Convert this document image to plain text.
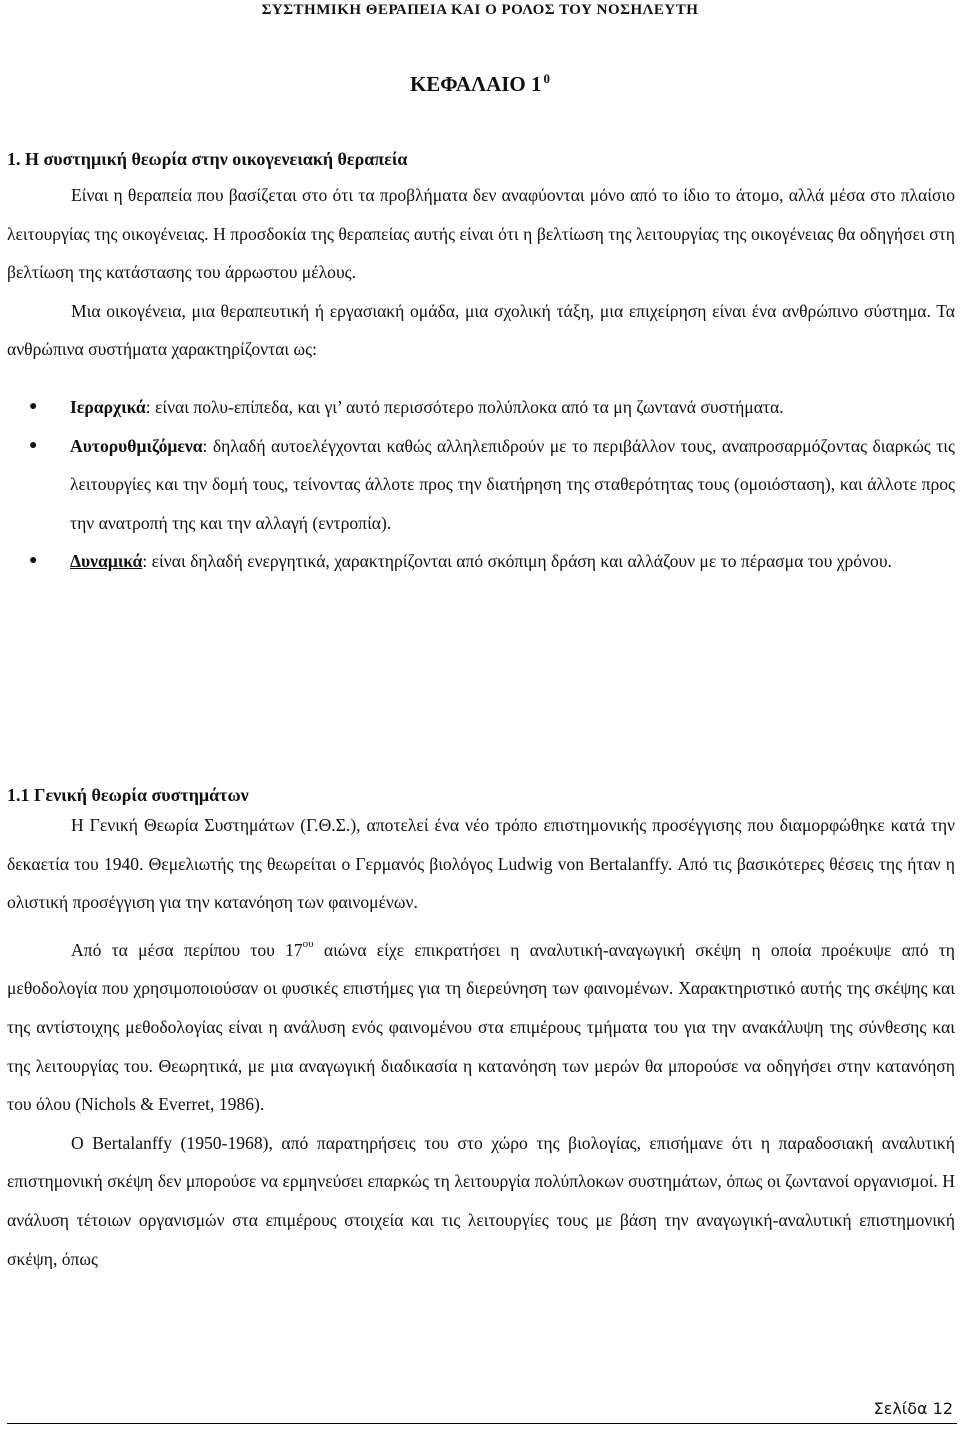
ΣΥΣΤΗΜΙΚΗ ΘΕΡΑΠΕΙΑ ΚΑΙ Ο ΡΟΛΟΣ ΤΟΥ ΝΟΣΗΛΕΥΤΗ
ΚΕΦΑΛΑΙΟ 1 $^0$
1. Η συστημική θεωρία στην οικογενειακή θεραπεία

Είναι η θεραπεία που βασίζεται στο ότι τα προβλήματα δεν αναφύονται μόνο από το ίδιο το άτομο, αλλά μέσα στο πλαίσιο λειτουργίας της οικογένειας. Η προσδοκία της θεραπείας αυτής είναι ότι η βελτίωση της λειτουργίας της οικογένειας θα οδηγήσει στη βελτίωση της κατάστασης του άρρωστου μέλους.

Μια οικογένεια, μια θεραπευτική ή εργασιακή ομάδα, μια σχολική τάξη, μια επιχείρηση είναι ένα ανθρώπινο σύστημα. Τα ανθρώπινα συστήματα χαρακτηρίζονται ως:

● Ιεραρχικά: είναι πολυ-επίπεδα, και γι’ αυτό περισσότερο πολύπλοκα από τα μη ζωντανά συστήματα.
● Αυτορυθμιζόμενα: δηλαδή αυτοελέγχονται καθώς αλληλεπιδρούν με το περιβάλλον τους, αναπροσαρμόζοντας διαρκώς τις λειτουργίες και την δομή τους, τείνοντας άλλοτε προς την διατήρηση της σταθερότητας τους (ομοιόσταση), και άλλοτε προς την ανατροπή της και την αλλαγή (εντροπία).
● Δυναμικά: είναι δηλαδή ενεργητικά, χαρακτηρίζονται από σκόπιμη δράση και αλλάζουν με το πέρασμα του χρόνου.
1.1 Γενική θεωρία συστημάτων

Η Γενική Θεωρία Συστημάτων (Γ.Θ.Σ.), αποτελεί ένα νέο τρόπο επιστημονικής προσέγγισης που διαμορφώθηκε κατά την δεκαετία του 1940. Θεμελιωτής της θεωρείται ο Γερμανός βιολόγος Ludwig von Bertalanffy. Από τις βασικότερες θέσεις της ήταν η ολιστική προσέγγιση για την κατανόηση των φαινομένων.

Από τα μέσα περίπου του $17^{o\upsilon}$ αιώνα είχε επικρατήσει η αναλυτική-αναγωγική σκέψη η οποία προέκυψε από τη μεθοδολογία που χρησιμοποιούσαν οι φυσικές επιστήμες για τη διερεύνηση των φαινομένων. Χαρακτηριστικό αυτής της σκέψης και της αντίστοιχης μεθοδολογίας είναι η ανάλυση ενός φαινομένου στα επιμέρους τμήματα του για την ανακάλυψη της σύνθεσης και της λειτουργίας του. Θεωρητικά, με μια αναγωγική διαδικασία η κατανόηση των μερών θα μπορούσε να οδηγήσει στην κατανόηση του όλου (Nichols & Everret, 1986).

Ο Bertalanffy (1950-1968), από παρατηρήσεις του στο χώρο της βιολογίας, επισήμανε ότι η παραδοσιακή αναλυτική επιστημονική σκέψη δεν μπορούσε να ερμηνεύσει επαρκώς τη λειτουργία πολύπλοκων συστημάτων, όπως οι ζωντανοί οργανισμοί. Η ανάλυση τέτοιων οργανισμών στα επιμέρους στοιχεία και τις λειτουργίες τους με βάση την αναγωγική-αναλυτική επιστημονική σκέψη, όπως

Σελίδα 12
